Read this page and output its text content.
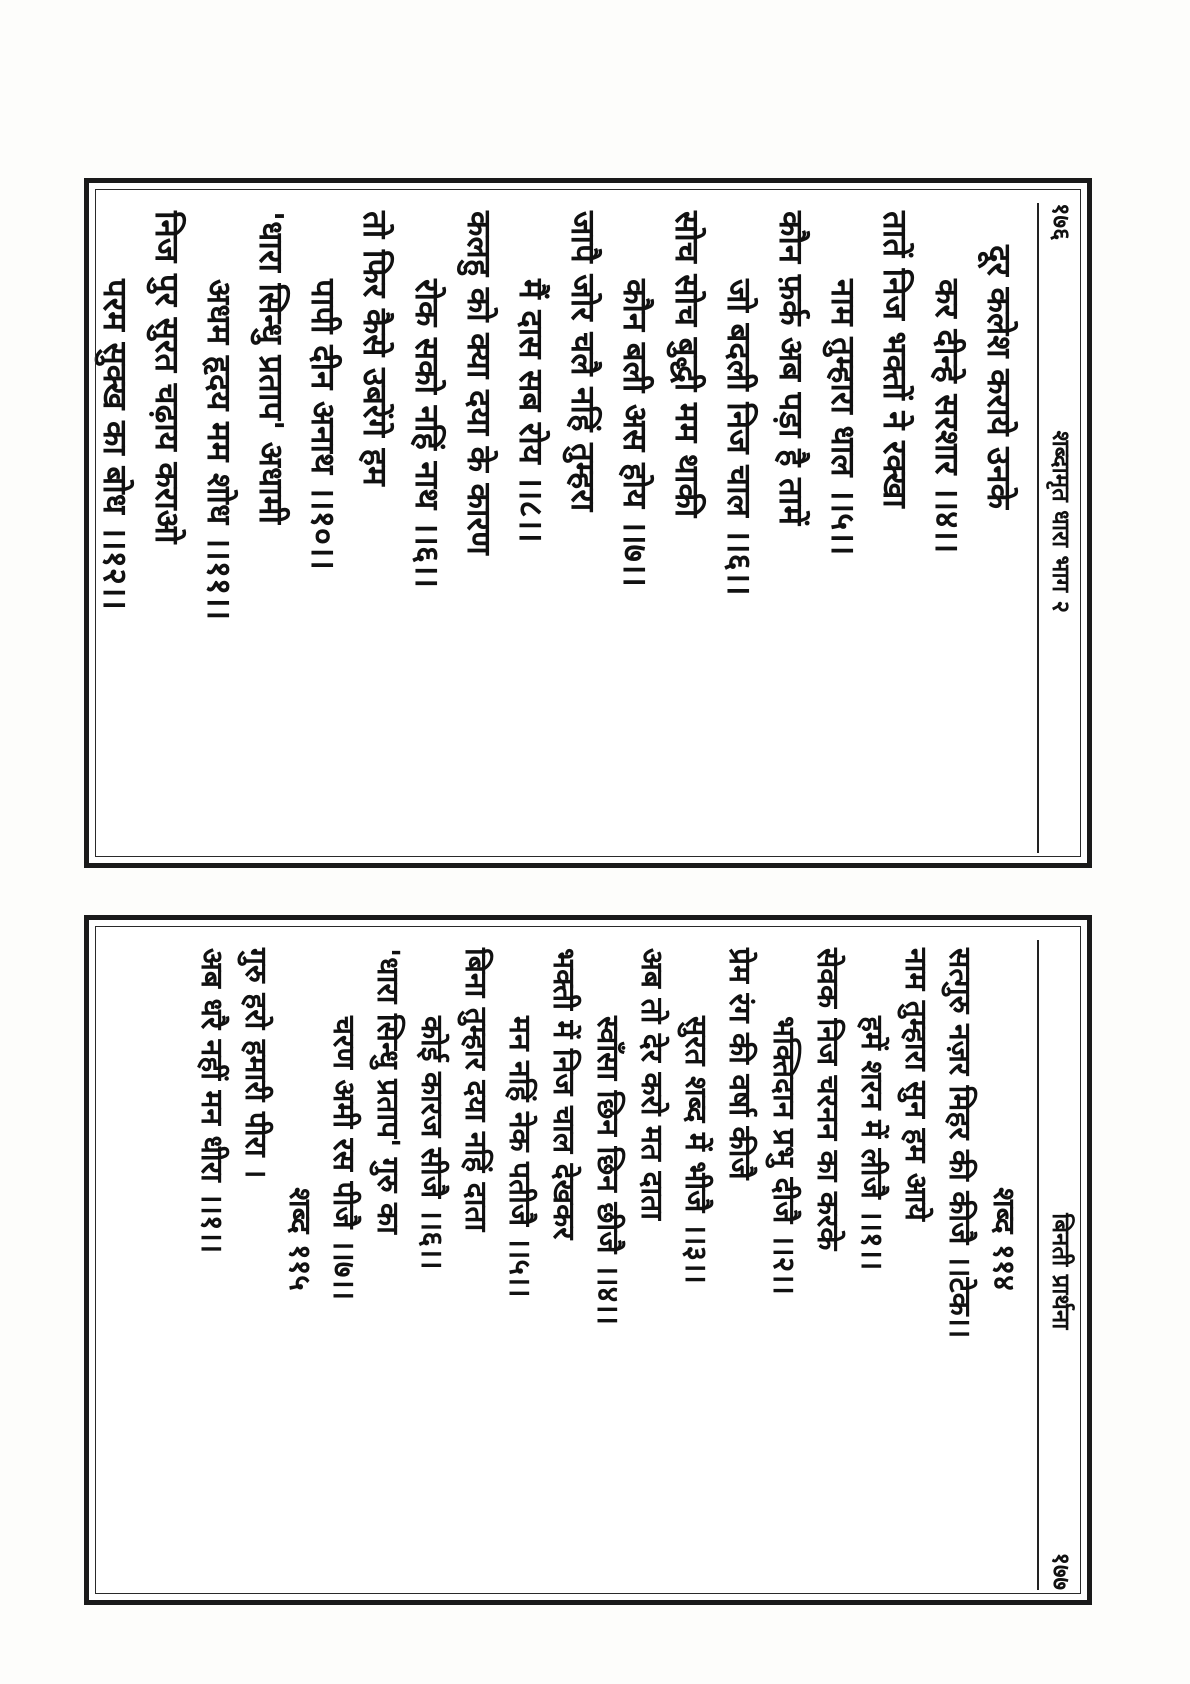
१७६
शब्दामृत धारा भाग २
दूर कलेश कराये उनके
कर दीन्हे सरशार ।।४।।
तातें निज भक्तों ने रक्खा
नाम तुम्हारा धाल ।।५।।
कौन फ़र्क अब पड़ा है तामें
जो बदली निज चाल ।।६।।
सोच सोच बुद्धी मम थाकी
कौन बली अस होय ।।७।।
जापै जोर चलै नहिं तुम्हरा
मैं दास सब रोय ।।८।।
कलहु को क्या दया के कारण
रोक सको नहिं नाथ ।।६।।
तो फिर कैसे उबरेंगे हम
पापी दीन अनाथ ।।१०।।
'धारा सिन्धु प्रताप' अधामी
अधम हृदय मम शोध ।।११।।
निज पुर सुरत चढ़ाय कराओ
परम सुक्ख का बोध ।।१२।।
बिनती प्रार्थना
१७७
शब्द ११४
सत्गुरु नज़र मिहर की कीजै ।।टेक।।
नाम तुम्हारा सुन हम आये
हमें शरन में लीजै ।।१।।
सेवक निज चरनन का करके
भक्तिदान प्रभु दीजै ।।२।।
प्रेम रंग की वर्षा कीजै
सुरत शब्द में भीजै ।।३।।
अब तो देर करो मत दाता
स्वाँसा छिन छिन छीजै ।।४।।
भक्ती में निज चाल देखकर
मन नहिं नेक पतीजै ।।५।।
बिना तुम्हार दया नहिं दाता
कोई कारज सीजै ।।६।।
'धारा सिन्धु प्रताप' गुरु का
चरण अमी रस पीजै ।।७।।
शब्द ११५
गुरु हरो हमारी पीरा ।
अब धरै नहीं मन धीरा ।।१।।
